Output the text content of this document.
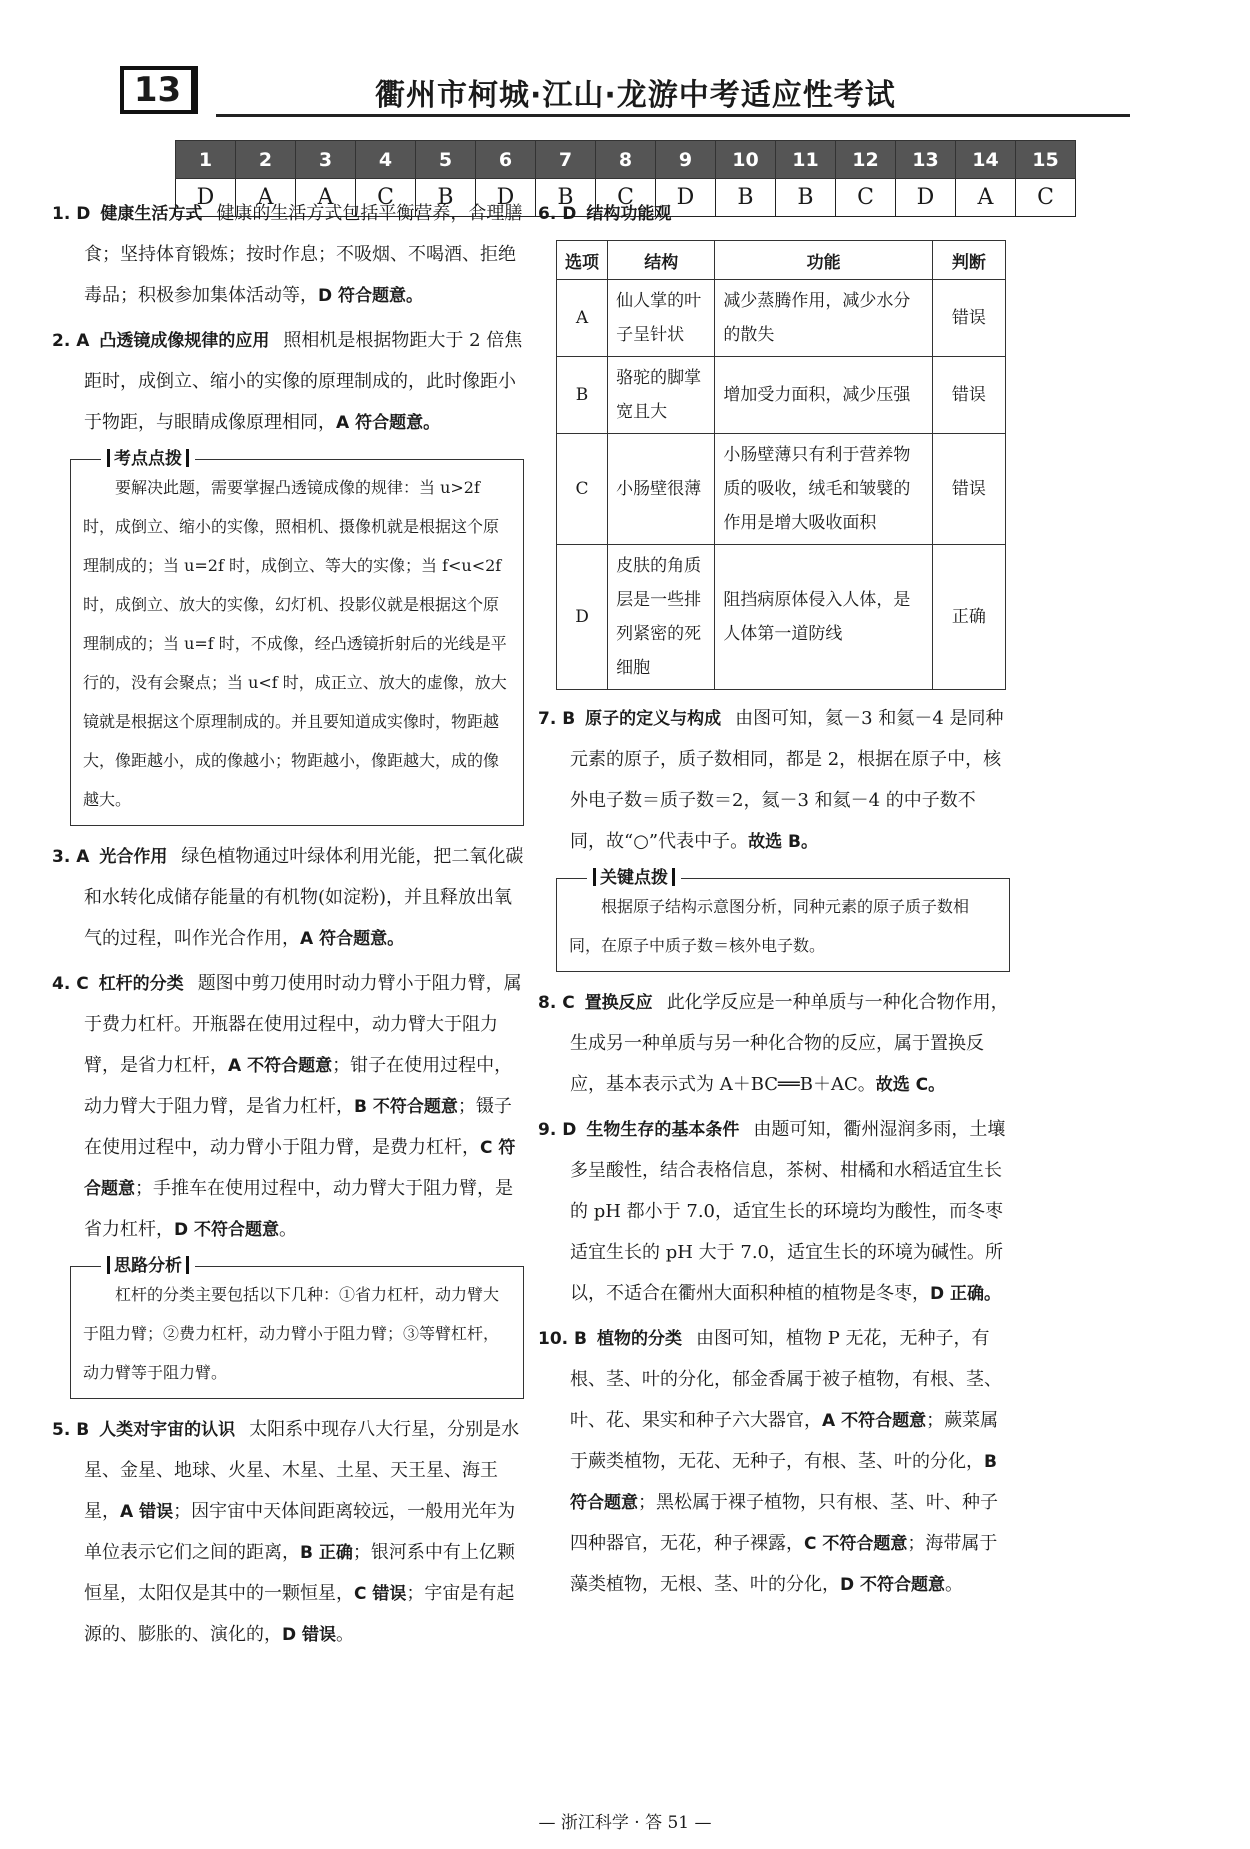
13	衢州市柯城·江山·龙游中考适应性考试
1	2	3	4	5	6	7	8	9	10	11	12	13	14	15
D	A	A	C	B	D	B	C	D	B	B	C	D	A	C

1. D 健康生活方式 健康的生活方式包括平衡营养，合理膳食；坚持体育锻炼；按时作息；不吸烟、不喝酒、拒绝毒品；积极参加集体活动等，D 符合题意。

2. A 凸透镜成像规律的应用 照相机是根据物距大于 2 倍焦距时，成倒立、缩小的实像的原理制成的，此时像距小于物距，与眼睛成像原理相同，A 符合题意。

考点点拨

要解决此题，需要掌握凸透镜成像的规律：当 u>2f 时，成倒立、缩小的实像，照相机、摄像机就是根据这个原理制成的；当 u=2f 时，成倒立、等大的实像；当 f<u<2f 时，成倒立、放大的实像，幻灯机、投影仪就是根据这个原理制成的；当 u=f 时，不成像，经凸透镜折射后的光线是平行的，没有会聚点；当 u<f 时，成正立、放大的虚像，放大镜就是根据这个原理制成的。并且要知道成实像时，物距越大，像距越小，成的像越小；物距越小，像距越大，成的像越大。

3. A 光合作用 绿色植物通过叶绿体利用光能，把二氧化碳和水转化成储存能量的有机物(如淀粉)，并且释放出氧气的过程，叫作光合作用，A 符合题意。

4. C 杠杆的分类 题图中剪刀使用时动力臂小于阻力臂，属于费力杠杆。开瓶器在使用过程中，动力臂大于阻力臂，是省力杠杆，A 不符合题意；钳子在使用过程中，动力臂大于阻力臂，是省力杠杆，B 不符合题意；镊子在使用过程中，动力臂小于阻力臂，是费力杠杆，C 符合题意；手推车在使用过程中，动力臂大于阻力臂，是省力杠杆，D 不符合题意。

思路分析

杠杆的分类主要包括以下几种：①省力杠杆，动力臂大于阻力臂；②费力杠杆，动力臂小于阻力臂；③等臂杠杆，动力臂等于阻力臂。

5. B 人类对宇宙的认识 太阳系中现存八大行星，分别是水星、金星、地球、火星、木星、土星、天王星、海王星，A 错误；因宇宙中天体间距离较远，一般用光年为单位表示它们之间的距离，B 正确；银河系中有上亿颗恒星，太阳仅是其中的一颗恒星，C 错误；宇宙是有起源的、膨胀的、演化的，D 错误。

6. D 结构功能观

选项	结构	功能	判断
A	仙人掌的叶子呈针状	减少蒸腾作用，减少水分的散失	错误
B	骆驼的脚掌宽且大	增加受力面积，减少压强	错误
C	小肠壁很薄	小肠壁薄只有利于营养物质的吸收，绒毛和皱襞的作用是增大吸收面积	错误
D	皮肤的角质层是一些排列紧密的死细胞	阻挡病原体侵入人体，是人体第一道防线	正确

7. B 原子的定义与构成 由图可知，氦－3 和氦－4 是同种元素的原子，质子数相同，都是 2，根据在原子中，核外电子数＝质子数＝2，氦－3 和氦－4 的中子数不同，故“○”代表中子。故选 B。

关键点拨

根据原子结构示意图分析，同种元素的原子质子数相同，在原子中质子数＝核外电子数。

8. C 置换反应 此化学反应是一种单质与一种化合物作用，生成另一种单质与另一种化合物的反应，属于置换反应，基本表示式为 A＋BC══B＋AC。故选 C。

9. D 生物生存的基本条件 由题可知，衢州湿润多雨，土壤多呈酸性，结合表格信息，茶树、柑橘和水稻适宜生长的 pH 都小于 7.0，适宜生长的环境均为酸性，而冬枣适宜生长的 pH 大于 7.0，适宜生长的环境为碱性。所以，不适合在衢州大面积种植的植物是冬枣，D 正确。

10. B 植物的分类 由图可知，植物 P 无花，无种子，有根、茎、叶的分化，郁金香属于被子植物，有根、茎、叶、花、果实和种子六大器官，A 不符合题意；蕨菜属于蕨类植物，无花、无种子，有根、茎、叶的分化，B 符合题意；黑松属于裸子植物，只有根、茎、叶、种子四种器官，无花，种子裸露，C 不符合题意；海带属于藻类植物，无根、茎、叶的分化，D 不符合题意。

— 浙江科学 · 答 51 —
